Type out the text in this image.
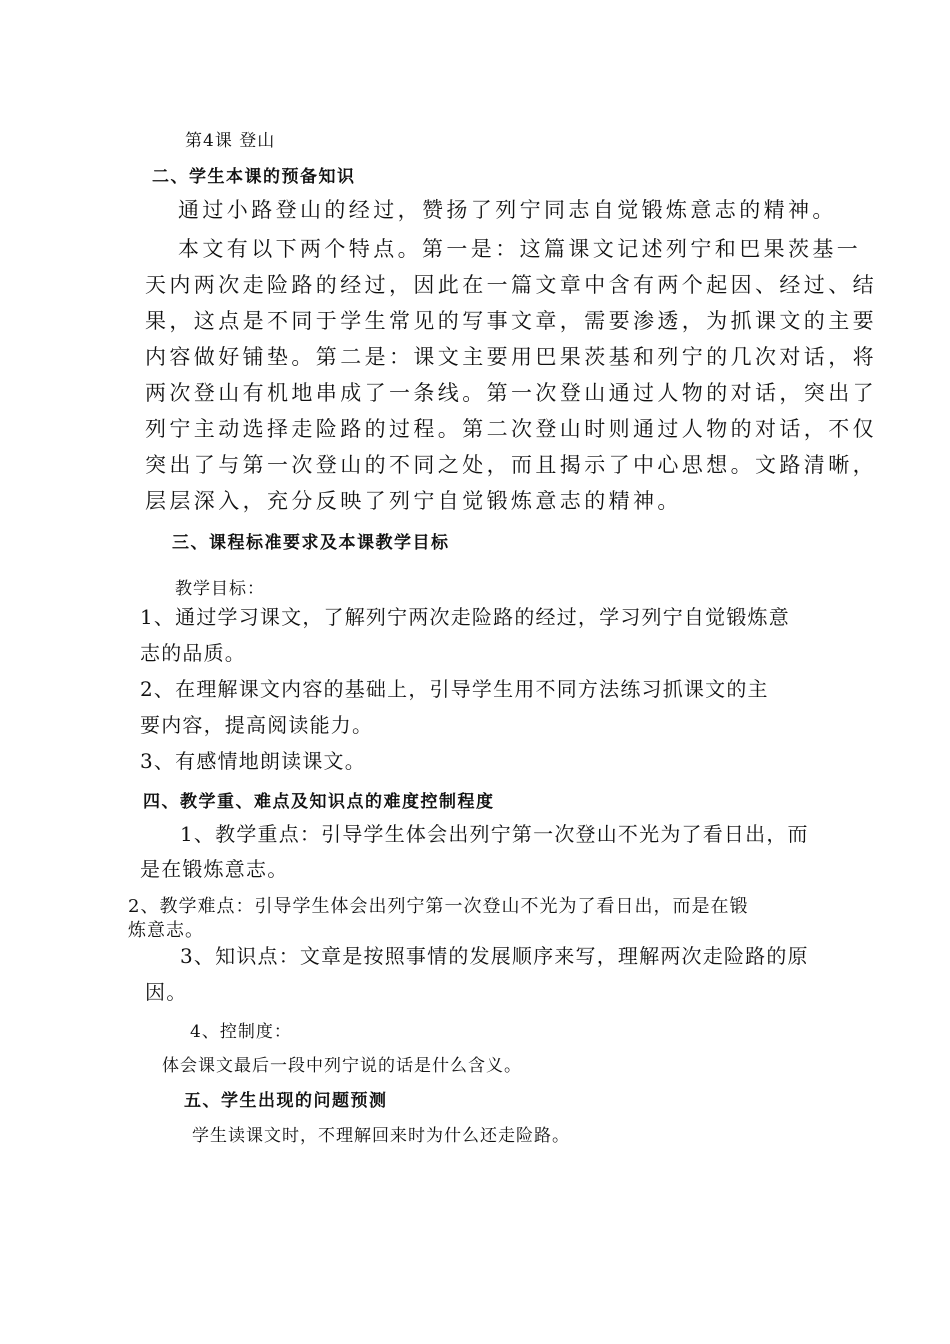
第4课 登山

二、学生本课的预备知识

通过小路登山的经过，赞扬了列宁同志自觉锻炼意志的精神。

本文有以下两个特点。第一是：这篇课文记述列宁和巴果茨基一

天内两次走险路的经过，因此在一篇文章中含有两个起因、经过、结

果，这点是不同于学生常见的写事文章，需要渗透，为抓课文的主要

内容做好铺垫。第二是：课文主要用巴果茨基和列宁的几次对话，将

两次登山有机地串成了一条线。第一次登山通过人物的对话，突出了

列宁主动选择走险路的过程。第二次登山时则通过人物的对话，不仅

突出了与第一次登山的不同之处，而且揭示了中心思想。文路清晰，

层层深入，充分反映了列宁自觉锻炼意志的精神。

三、课程标准要求及本课教学目标

教学目标：

1、通过学习课文，了解列宁两次走险路的经过，学习列宁自觉锻炼意

志的品质。

2、在理解课文内容的基础上，引导学生用不同方法练习抓课文的主

要内容，提高阅读能力。

3、有感情地朗读课文。

四、教学重、难点及知识点的难度控制程度

1、教学重点：引导学生体会出列宁第一次登山不光为了看日出，而

是在锻炼意志。

2、教学难点：引导学生体会出列宁第一次登山不光为了看日出，而是在锻

炼意志。

3、知识点：文章是按照事情的发展顺序来写，理解两次走险路的原

因。

4、控制度：

体会课文最后一段中列宁说的话是什么含义。

五、学生出现的问题预测

学生读课文时，不理解回来时为什么还走险路。
